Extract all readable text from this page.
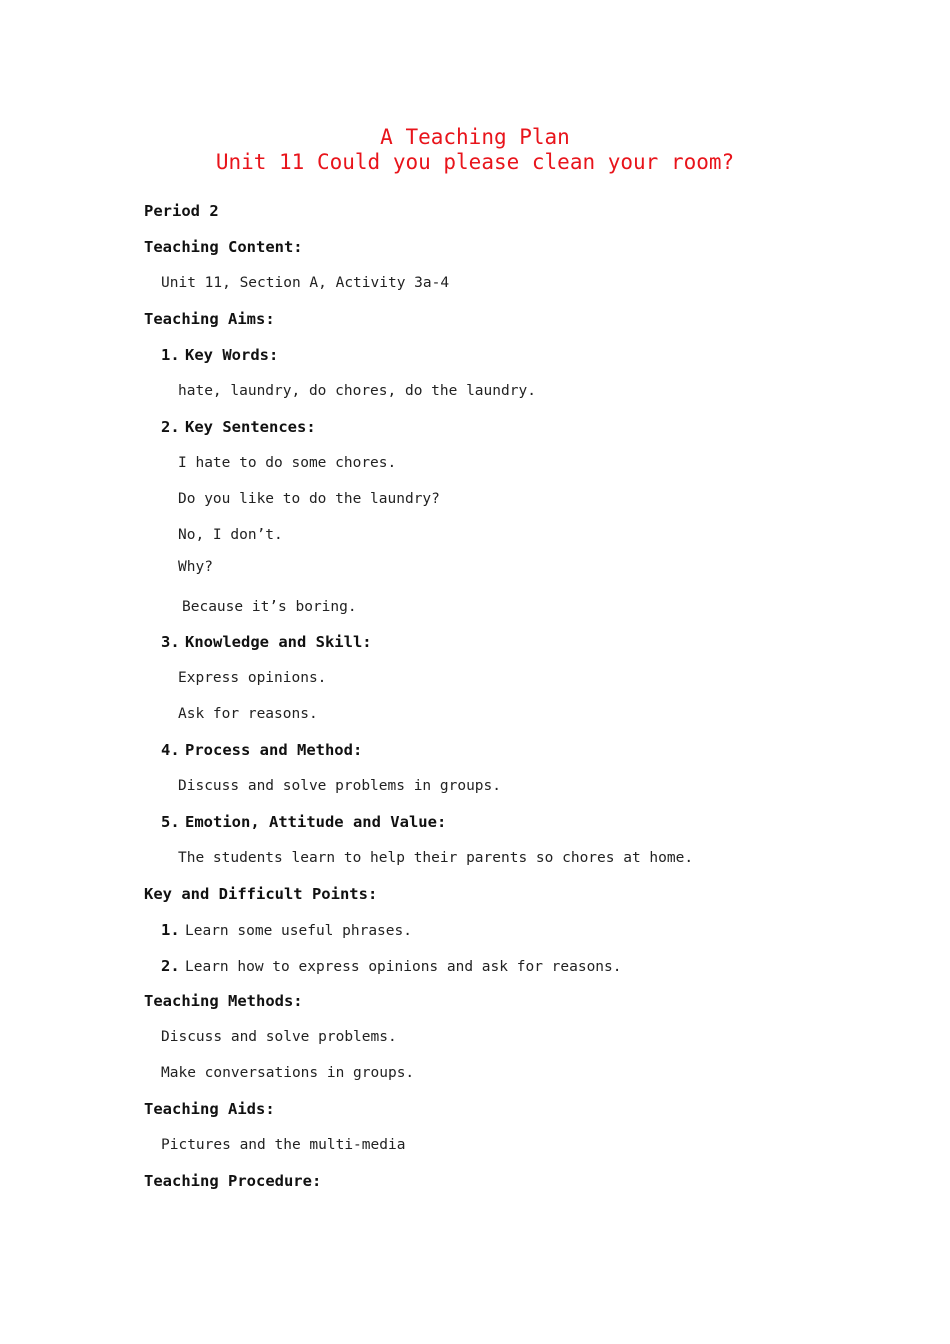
A Teaching Plan
Unit 11 Could you please clean your room?

Period 2

Teaching Content:

Unit 11, Section A, Activity 3a-4

Teaching Aims:

1. Key Words:

hate, laundry, do chores, do the laundry.

2. Key Sentences:

I hate to do some chores.

Do you like to do the laundry?

No, I don’t.

Why?

Because it’s boring.

3. Knowledge and Skill:

Express opinions.

Ask for reasons.

4. Process and Method:

Discuss and solve problems in groups.

5. Emotion, Attitude and Value:

The students learn to help their parents so chores at home.

Key and Difficult Points:

1. Learn some useful phrases.

2. Learn how to express opinions and ask for reasons.

Teaching Methods:

Discuss and solve problems.

Make conversations in groups.

Teaching Aids:

Pictures and the multi-media

Teaching Procedure:
